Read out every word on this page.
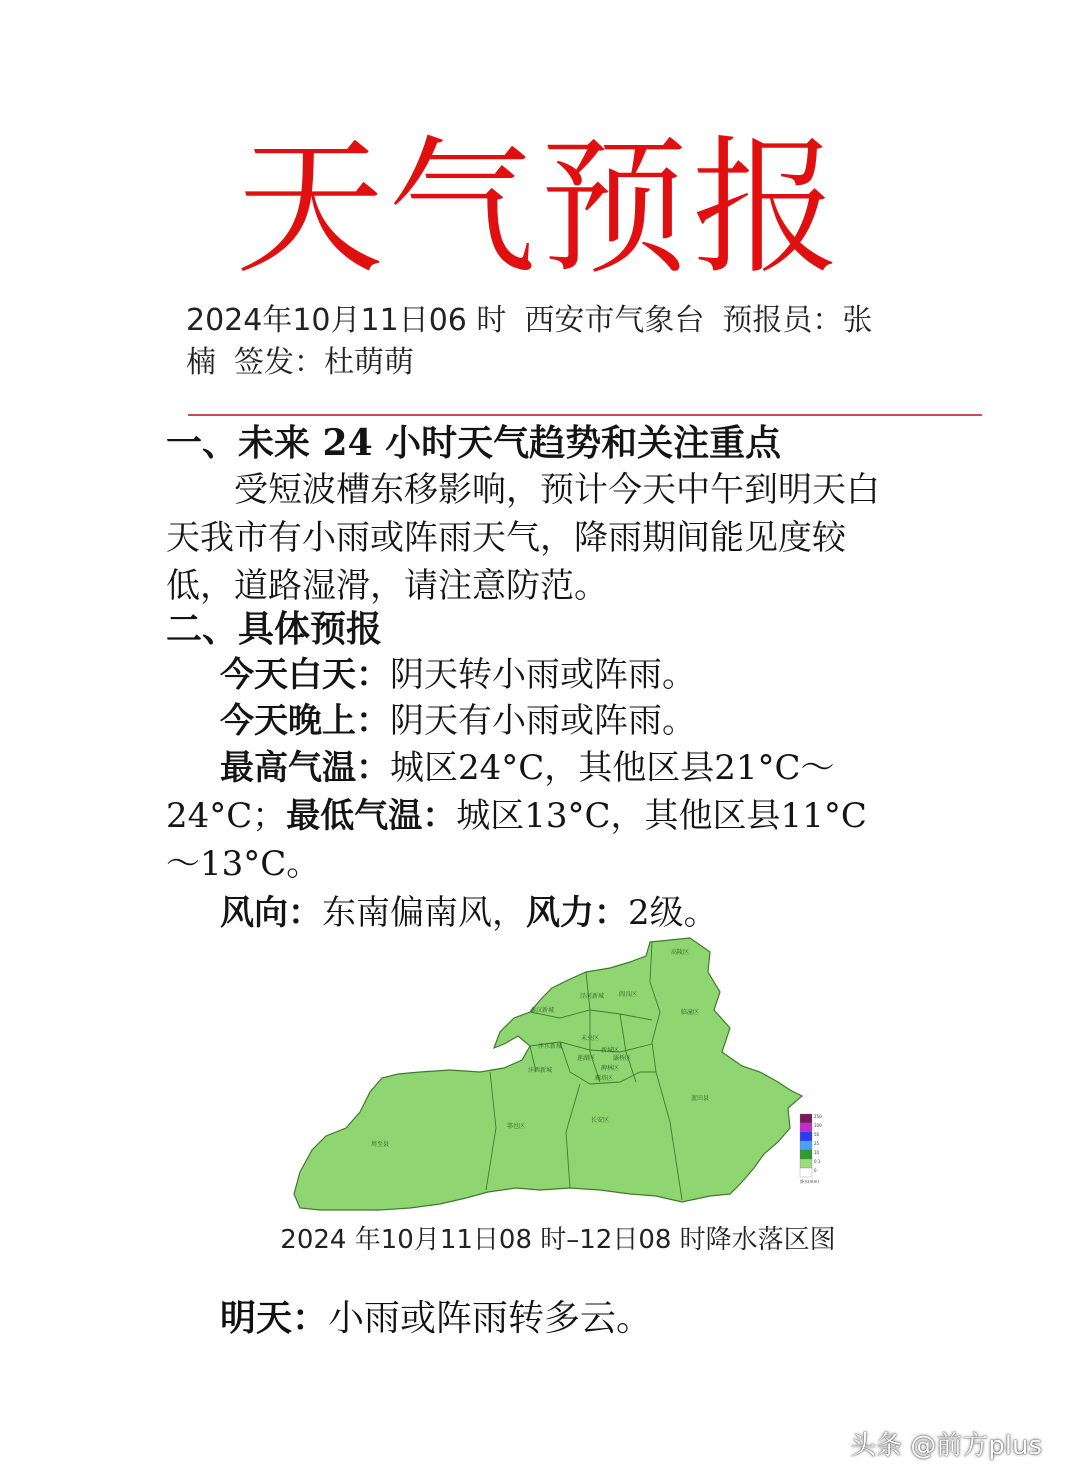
天气预报
2024年10月11日06 时 西安市气象台 预报员：张楠 签发：杜萌萌
一、未来 24 小时天气趋势和关注重点
受短波槽东移影响，预计今天中午到明天白天我市有小雨或阵雨天气，降雨期间能见度较低，道路湿滑，请注意防范。
二、具体预报
今天白天：阴天转小雨或阵雨。
今天晚上：阴天有小雨或阵雨。
最高气温：城区24°C，其他区县21°C～24°C；最低气温：城区13°C，其他区县11°C～13°C。
风向：东南偏南风，风力：2级。
高陵区
泾河新城 阎良区
秦汉新城	临潼区
未央区
灞桥区
新城区
莲湖区
碑林区
雁塔区
沣东新城
沣西新城
周至县
鄠邑区
长安区
蓝田县
250
100
50
25
10
0.1
0
降水(mm)
2024 年10月11日08 时–12日08 时降水落区图
明天：小雨或阵雨转多云。
头条 @前方plus
